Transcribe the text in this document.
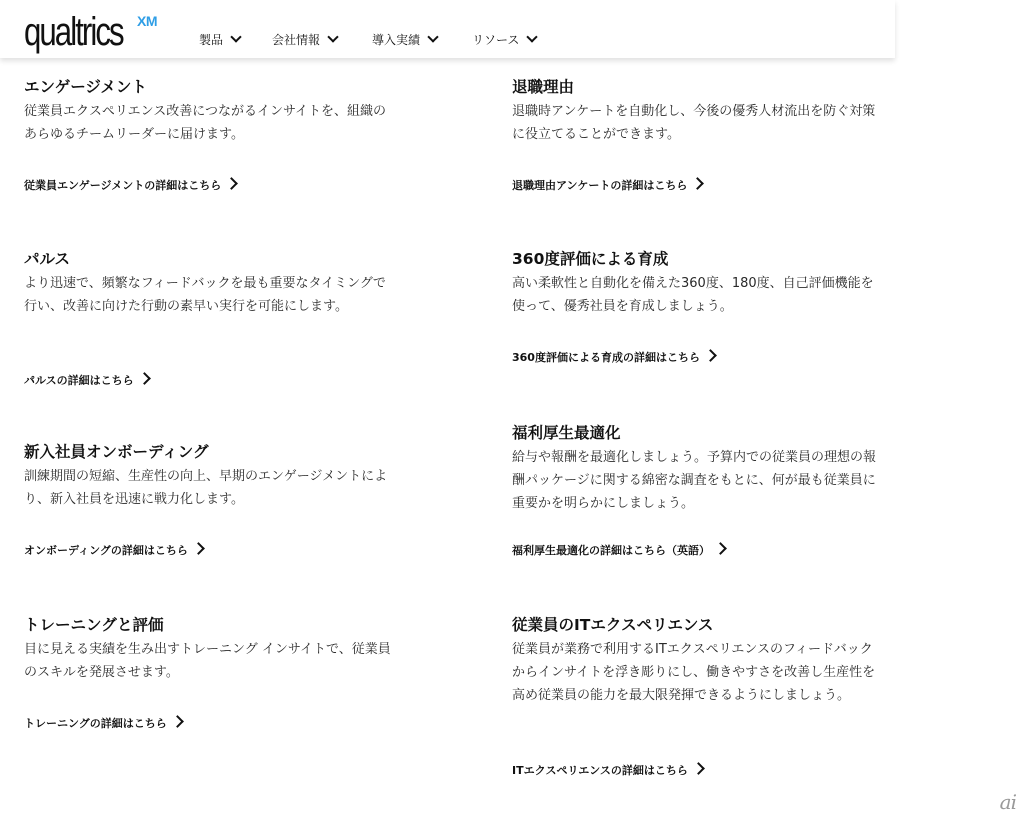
qualtrics XM
製品	会社情報	導入実績	リソース
エンゲージメント
従業員エクスペリエンス改善につながるインサイトを、組織のあらゆるチームリーダーに届けます。
従業員エンゲージメントの詳細はこちら
パルス
より迅速で、頻繁なフィードバックを最も重要なタイミングで行い、改善に向けた行動の素早い実行を可能にします。
パルスの詳細はこちら
新入社員オンボーディング
訓練期間の短縮、生産性の向上、早期のエンゲージメントにより、新入社員を迅速に戦力化します。
オンボーディングの詳細はこちら
トレーニングと評価
目に見える実績を生み出すトレーニング インサイトで、従業員のスキルを発展させます。
トレーニングの詳細はこちら
退職理由
退職時アンケートを自動化し、今後の優秀人材流出を防ぐ対策に役立てることができます。
退職理由アンケートの詳細はこちら
360度評価による育成
高い柔軟性と自動化を備えた360度、180度、自己評価機能を使って、優秀社員を育成しましょう。
360度評価による育成の詳細はこちら
福利厚生最適化
給与や報酬を最適化しましょう。予算内での従業員の理想の報酬パッケージに関する綿密な調査をもとに、何が最も従業員に重要かを明らかにしましょう。
福利厚生最適化の詳細はこちら（英語）
従業員のITエクスペリエンス
従業員が業務で利用するITエクスペリエンスのフィードバックからインサイトを浮き彫りにし、働きやすさを改善し生産性を高め従業員の能力を最大限発揮できるようにしましょう。
ITエクスペリエンスの詳細はこちら
ai
